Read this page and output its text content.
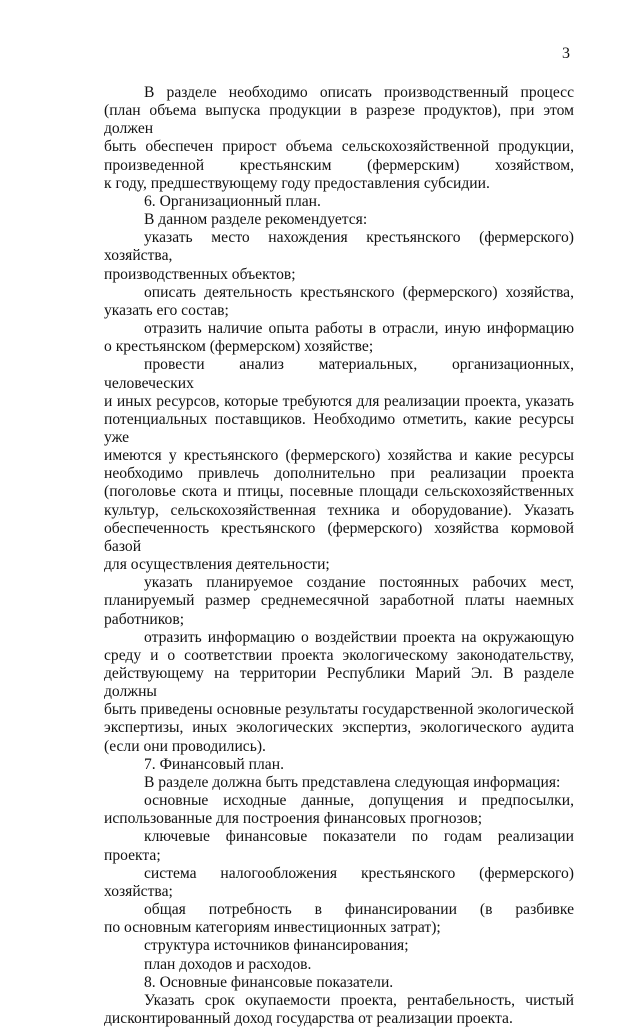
3
В разделе необходимо описать производственный процесс
(план объема выпуска продукции в разрезе продуктов), при этом должен
быть обеспечен прирост объема сельскохозяйственной продукции,
произведенной крестьянским (фермерским) хозяйством,
к году, предшествующему году предоставления субсидии.
6. Организационный план.
В данном разделе рекомендуется:
указать место нахождения крестьянского (фермерского) хозяйства,
производственных объектов;
описать деятельность крестьянского (фермерского) хозяйства,
указать его состав;
отразить наличие опыта работы в отрасли, иную информацию
о крестьянском (фермерском) хозяйстве;
провести анализ материальных, организационных, человеческих
и иных ресурсов, которые требуются для реализации проекта, указать
потенциальных поставщиков. Необходимо отметить, какие ресурсы уже
имеются у крестьянского (фермерского) хозяйства и какие ресурсы
необходимо привлечь дополнительно при реализации проекта
(поголовье скота и птицы, посевные площади сельскохозяйственных
культур, сельскохозяйственная техника и оборудование). Указать
обеспеченность крестьянского (фермерского) хозяйства кормовой базой
для осуществления деятельности;
указать планируемое создание постоянных рабочих мест,
планируемый размер среднемесячной заработной платы наемных
работников;
отразить информацию о воздействии проекта на окружающую
среду и о соответствии проекта экологическому законодательству,
действующему на территории Республики Марий Эл. В разделе должны
быть приведены основные результаты государственной экологической
экспертизы, иных экологических экспертиз, экологического аудита
(если они проводились).
7. Финансовый план.
В разделе должна быть представлена следующая информация:
основные исходные данные, допущения и предпосылки,
использованные для построения финансовых прогнозов;
ключевые финансовые показатели по годам реализации проекта;
система налогообложения крестьянского (фермерского) хозяйства;
общая потребность в финансировании (в разбивке
по основным категориям инвестиционных затрат);
структура источников финансирования;
план доходов и расходов.
8. Основные финансовые показатели.
Указать срок окупаемости проекта, рентабельность, чистый
дисконтированный доход государства от реализации проекта.
